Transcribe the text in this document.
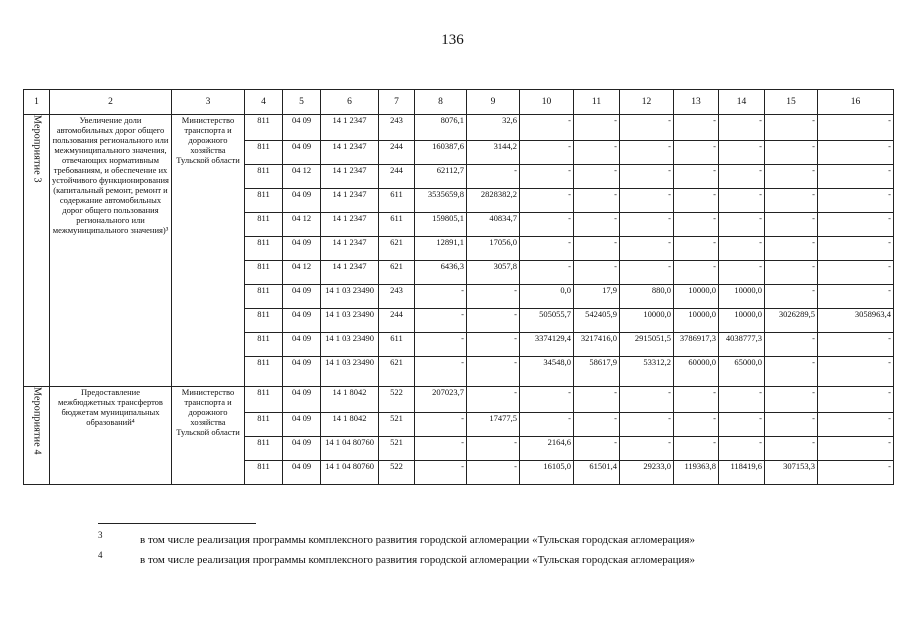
136
1	2	3	4	5	6	7	8	9	10	11	12	13	14	15	16
Мероприятие 3	Увеличение доли автомобильных дорог общего пользования регионального или межмуниципального значения, отвечающих нормативным требованиям, и обеспечение их устойчивого функционирования (капитальный ремонт, ремонт и содержание автомобильных дорог общего пользования регионального или межмуниципального значения)³	Министерство транспорта и дорожного хозяйства Тульской области	811	04 09	14 1 2347	243	8076,1	32,6	-	-	-	-	-	-	-
			811	04 09	14 1 2347	244	160387,6	3144,2	-	-	-	-	-	-	-
			811	04 12	14 1 2347	244	62112,7	-	-	-	-	-	-	-	-
			811	04 09	14 1 2347	611	3535659,8	2828382,2	-	-	-	-	-	-	-
			811	04 12	14 1 2347	611	159805,1	40834,7	-	-	-	-	-	-	-
			811	04 09	14 1 2347	621	12891,1	17056,0	-	-	-	-	-	-	-
			811	04 12	14 1 2347	621	6436,3	3057,8	-	-	-	-	-	-	-
			811	04 09	14 1 03 23490	243	-	-	0,0	17,9	880,0	10000,0	10000,0	-	-
			811	04 09	14 1 03 23490	244	-	-	505055,7	542405,9	10000,0	10000,0	10000,0	3026289,5	3058963,4
			811	04 09	14 1 03 23490	611	-	-	3374129,4	3217416,0	2915051,5	3786917,3	4038777,3	-	-
			811	04 09	14 1 03 23490	621	-	-	34548,0	58617,9	53312,2	60000,0	65000,0	-	-
Мероприятие 4	Предоставление межбюджетных трансфертов бюджетам муниципальных образований⁴	Министерство транспорта и дорожного хозяйства Тульской области	811	04 09	14 1 8042	522	207023,7	-	-	-	-	-	-	-	-
			811	04 09	14 1 8042	521	-	17477,5	-	-	-	-	-	-	-
			811	04 09	14 1 04 80760	521	-	-	2164,6	-	-	-	-	-	-
			811	04 09	14 1 04 80760	522	-	-	16105,0	61501,4	29233,0	119363,8	118419,6	307153,3	-
3	в том числе реализация программы комплексного развития городской агломерации «Тульская городская агломерация»
4	в том числе реализация программы комплексного развития городской агломерации «Тульская городская агломерация»
